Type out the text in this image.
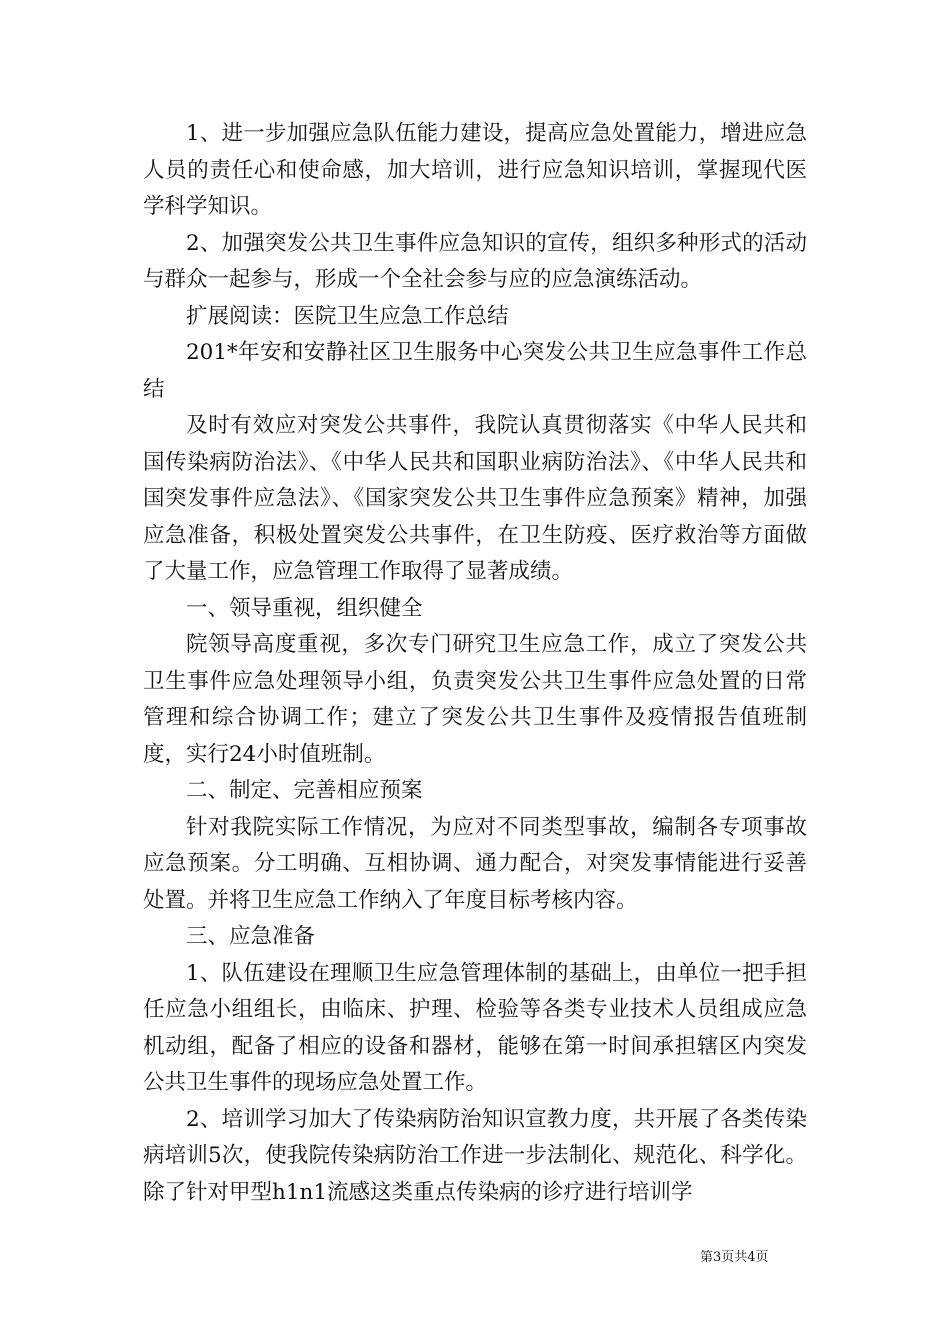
1、进一步加强应急队伍能力建设，提高应急处置能力，增进应急人员的责任心和使命感，加大培训，进行应急知识培训，掌握现代医学科学知识。

2、加强突发公共卫生事件应急知识的宣传，组织多种形式的活动与群众一起参与，形成一个全社会参与应的应急演练活动。

扩展阅读：医院卫生应急工作总结

201*年安和安静社区卫生服务中心突发公共卫生应急事件工作总结

及时有效应对突发公共事件，我院认真贯彻落实《中华人民共和国传染病防治法》、《中华人民共和国职业病防治法》、《中华人民共和国突发事件应急法》、《国家突发公共卫生事件应急预案》精神，加强应急准备，积极处置突发公共事件，在卫生防疫、医疗救治等方面做了大量工作，应急管理工作取得了显著成绩。

一、领导重视，组织健全

院领导高度重视，多次专门研究卫生应急工作，成立了突发公共卫生事件应急处理领导小组，负责突发公共卫生事件应急处置的日常管理和综合协调工作；建立了突发公共卫生事件及疫情报告值班制度，实行24小时值班制。

二、制定、完善相应预案

针对我院实际工作情况，为应对不同类型事故，编制各专项事故应急预案。分工明确、互相协调、通力配合，对突发事情能进行妥善处置。并将卫生应急工作纳入了年度目标考核内容。

三、应急准备

1、队伍建设在理顺卫生应急管理体制的基础上，由单位一把手担任应急小组组长，由临床、护理、检验等各类专业技术人员组成应急机动组，配备了相应的设备和器材，能够在第一时间承担辖区内突发公共卫生事件的现场应急处置工作。

2、培训学习加大了传染病防治知识宣教力度，共开展了各类传染病培训5次，使我院传染病防治工作进一步法制化、规范化、科学化。除了针对甲型h1n1流感这类重点传染病的诊疗进行培训学

第3页共4页
